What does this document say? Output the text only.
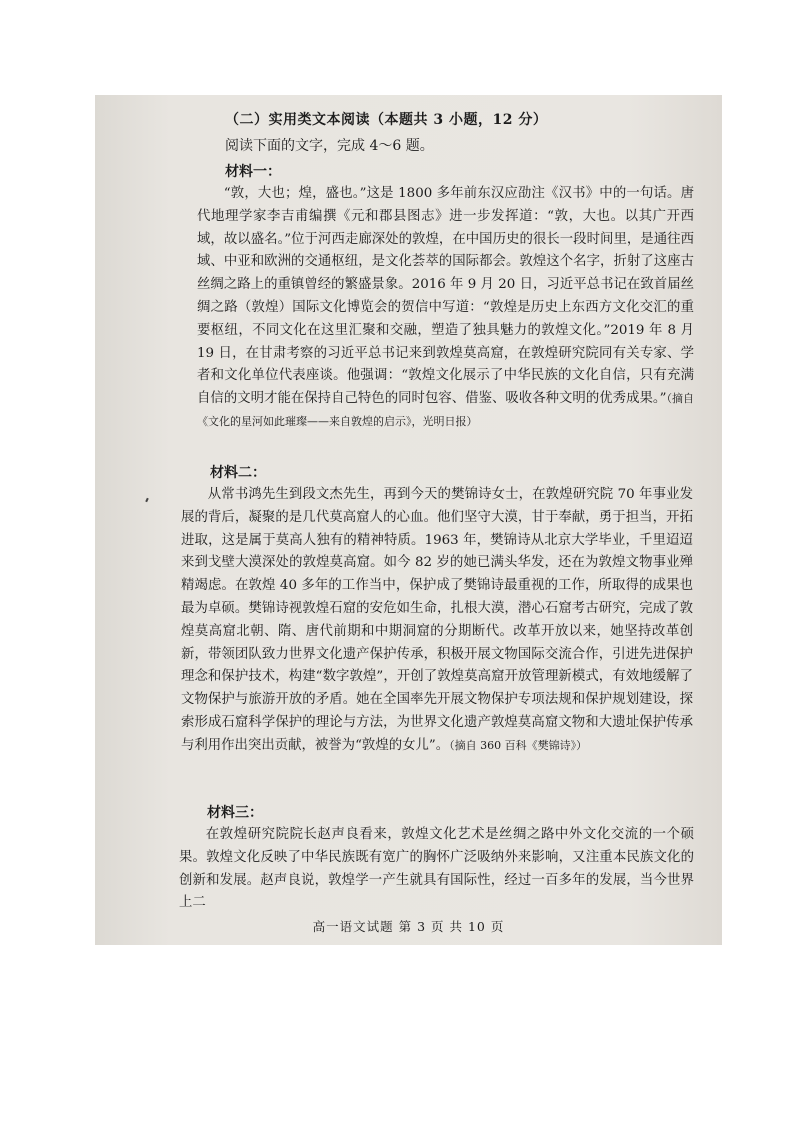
（二）实用类文本阅读（本题共 3 小题，12 分）
阅读下面的文字，完成 4～6 题。
材料一：

“敦，大也；煌，盛也。”这是 1800 多年前东汉应劭注《汉书》中的一句话。唐代地理学家李吉甫编撰《元和郡县图志》进一步发挥道：“敦，大也。以其广开西域，故以盛名。”位于河西走廊深处的敦煌，在中国历史的很长一段时间里，是通往西域、中亚和欧洲的交通枢纽，是文化荟萃的国际都会。敦煌这个名字，折射了这座古丝绸之路上的重镇曾经的繁盛景象。2016 年 9 月 20 日，习近平总书记在致首届丝绸之路（敦煌）国际文化博览会的贺信中写道：“敦煌是历史上东西方文化交汇的重要枢纽，不同文化在这里汇聚和交融，塑造了独具魅力的敦煌文化。”2019 年 8 月 19 日，在甘肃考察的习近平总书记来到敦煌莫高窟，在敦煌研究院同有关专家、学者和文化单位代表座谈。他强调：“敦煌文化展示了中华民族的文化自信，只有充满自信的文明才能在保持自己特色的同时包容、借鉴、吸收各种文明的优秀成果。”（摘自《文化的星河如此璀璨——来自敦煌的启示》，光明日报）

材料二：

从常书鸿先生到段文杰先生，再到今天的樊锦诗女士，在敦煌研究院 70 年事业发展的背后，凝聚的是几代莫高窟人的心血。他们坚守大漠，甘于奉献，勇于担当，开拓进取，这是属于莫高人独有的精神特质。1963 年，樊锦诗从北京大学毕业，千里迢迢来到戈壁大漠深处的敦煌莫高窟。如今 82 岁的她已满头华发，还在为敦煌文物事业殚精竭虑。在敦煌 40 多年的工作当中，保护成了樊锦诗最重视的工作，所取得的成果也最为卓硕。樊锦诗视敦煌石窟的安危如生命，扎根大漠，潜心石窟考古研究，完成了敦煌莫高窟北朝、隋、唐代前期和中期洞窟的分期断代。改革开放以来，她坚持改革创新，带领团队致力世界文化遗产保护传承，积极开展文物国际交流合作，引进先进保护理念和保护技术，构建“数字敦煌”，开创了敦煌莫高窟开放管理新模式，有效地缓解了文物保护与旅游开放的矛盾。她在全国率先开展文物保护专项法规和保护规划建设，探索形成石窟科学保护的理论与方法，为世界文化遗产敦煌莫高窟文物和大遗址保护传承与利用作出突出贡献，被誉为“敦煌的女儿”。（摘自 360 百科《樊锦诗》）

材料三：

在敦煌研究院院长赵声良看来，敦煌文化艺术是丝绸之路中外文化交流的一个硕果。敦煌文化反映了中华民族既有宽广的胸怀广泛吸纳外来影响，又注重本民族文化的创新和发展。赵声良说，敦煌学一产生就具有国际性，经过一百多年的发展，当今世界上二

高一语文试题 第 3 页 共 10 页
